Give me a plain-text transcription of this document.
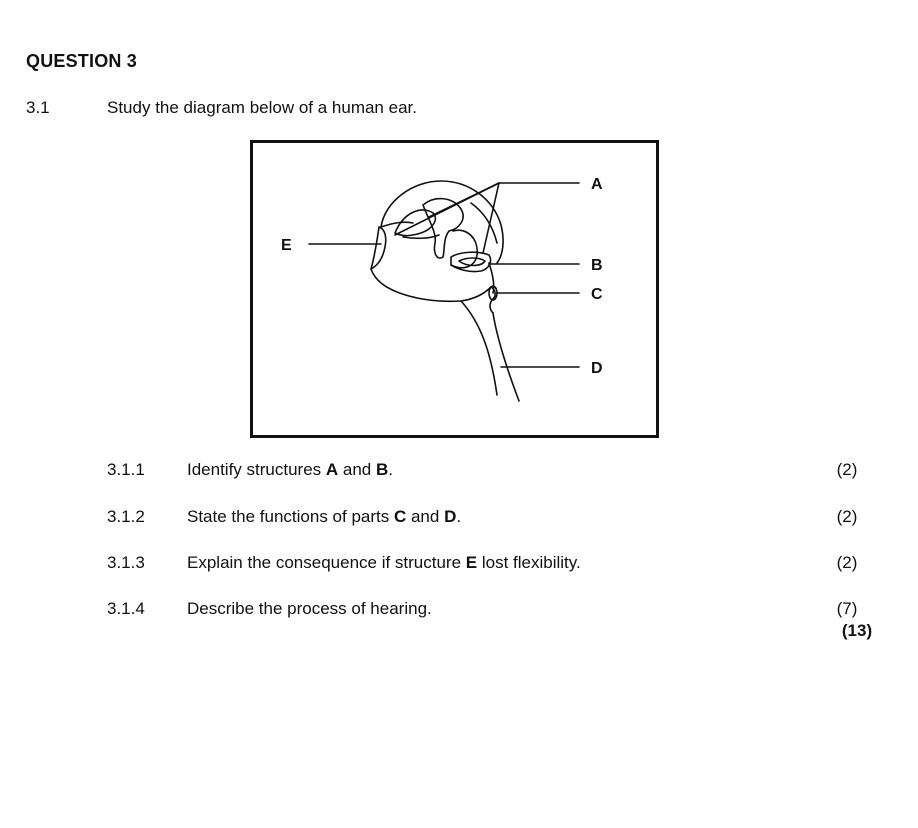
QUESTION 3
3.1	Study the diagram below of a human ear.
A
B
C
D
E
3.1.1 Identify structures A and B.	(2)
3.1.2 State the functions of parts C and D.	(2)
3.1.3 Explain the consequence if structure E lost flexibility.	(2)
3.1.4 Describe the process of hearing.	(7)
(13)
